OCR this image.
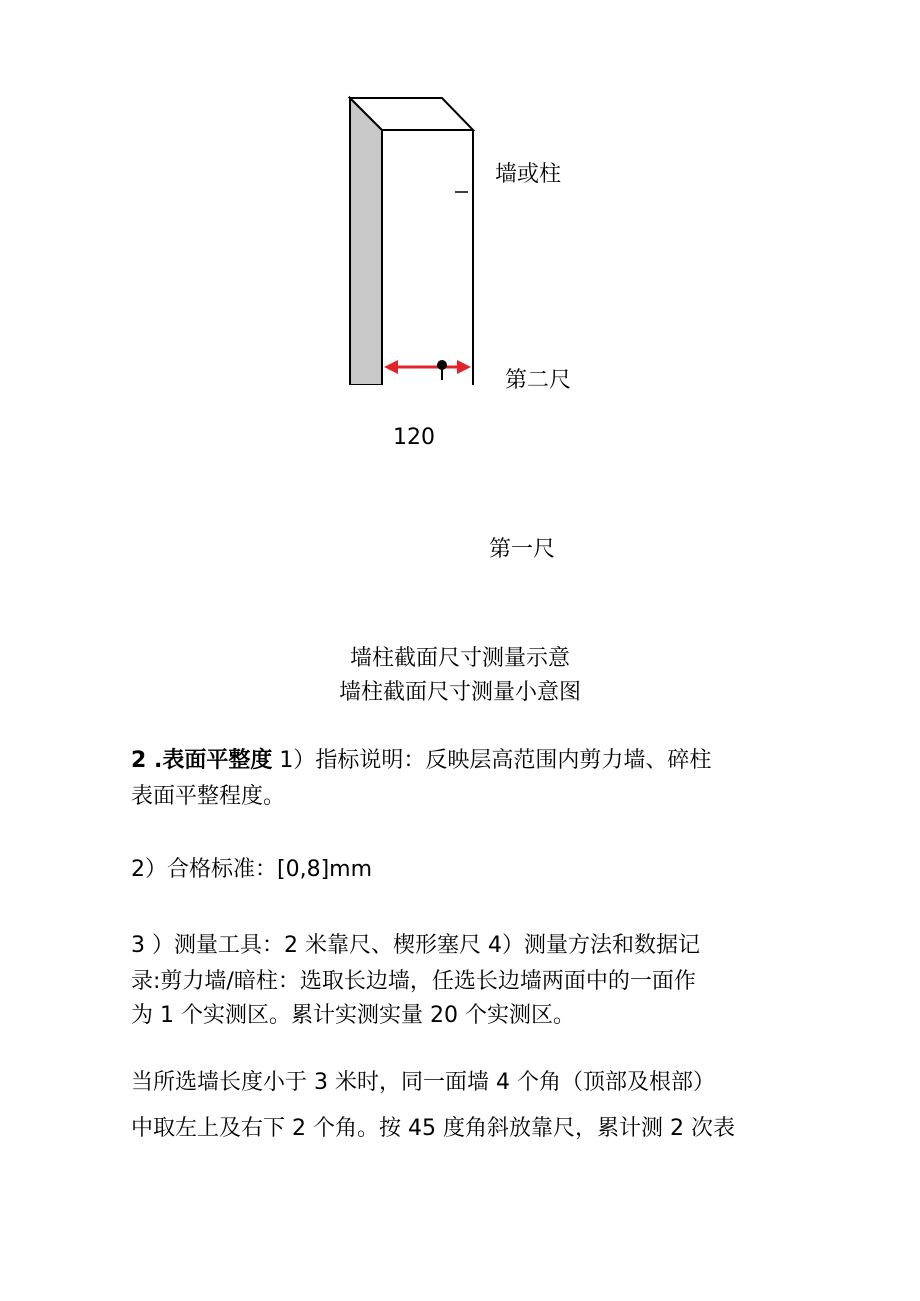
墙或柱
第二尺
120
第一尺
墙柱截面尺寸测量示意
墙柱截面尺寸测量小意图
2 .表面平整度 1）指标说明：反映层高范围内剪力墙、碎柱
表面平整程度。
2）合格标准：[0,8]mm
3 ）测量工具：2 米靠尺、楔形塞尺 4）测量方法和数据记
录:剪力墙/暗柱：选取长边墙，任选长边墙两面中的一面作
为 1 个实测区。累计实测实量 20 个实测区。
当所选墙长度小于 3 米时，同一面墙 4 个角（顶部及根部）
中取左上及右下 2 个角。按 45 度角斜放靠尺，累计测 2 次表
